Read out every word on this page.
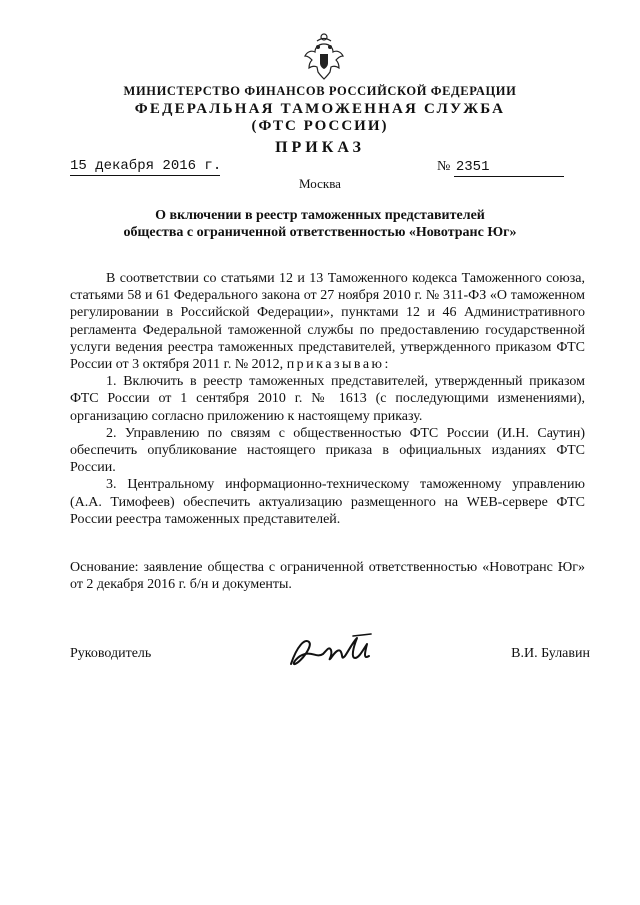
МИНИСТЕРСТВО ФИНАНСОВ РОССИЙСКОЙ ФЕДЕРАЦИИ
ФЕДЕРАЛЬНАЯ ТАМОЖЕННАЯ СЛУЖБА
(ФТС РОССИИ)
ПРИКАЗ
15 декабря 2016 г.	№ 2351
Москва
О включении в реестр таможенных представителей
общества с ограниченной ответственностью «Новотранс Юг»

В соответствии со статьями 12 и 13 Таможенного кодекса Таможенного союза, статьями 58 и 61 Федерального закона от 27 ноября 2010 г. № 311-ФЗ «О таможенном регулировании в Российской Федерации», пунктами 12 и 46 Административного регламента Федеральной таможенной службы по предоставлению государственной услуги ведения реестра таможенных представителей, утвержденного приказом ФТС России от 3 октября 2011 г. № 2012, приказываю:

1. Включить в реестр таможенных представителей, утвержденный приказом ФТС России от 1 сентября 2010 г. № 1613 (с последующими изменениями), организацию согласно приложению к настоящему приказу.

2. Управлению по связям с общественностью ФТС России (И.Н. Саутин) обеспечить опубликование настоящего приказа в официальных изданиях ФТС России.

3. Центральному информационно-техническому таможенному управлению (А.А. Тимофеев) обеспечить актуализацию размещенного на WEB-сервере ФТС России реестра таможенных представителей.

Основание: заявление общества с ограниченной ответственностью «Новотранс Юг» от 2 декабря 2016 г. б/н и документы.

Руководитель	В.И. Булавин
